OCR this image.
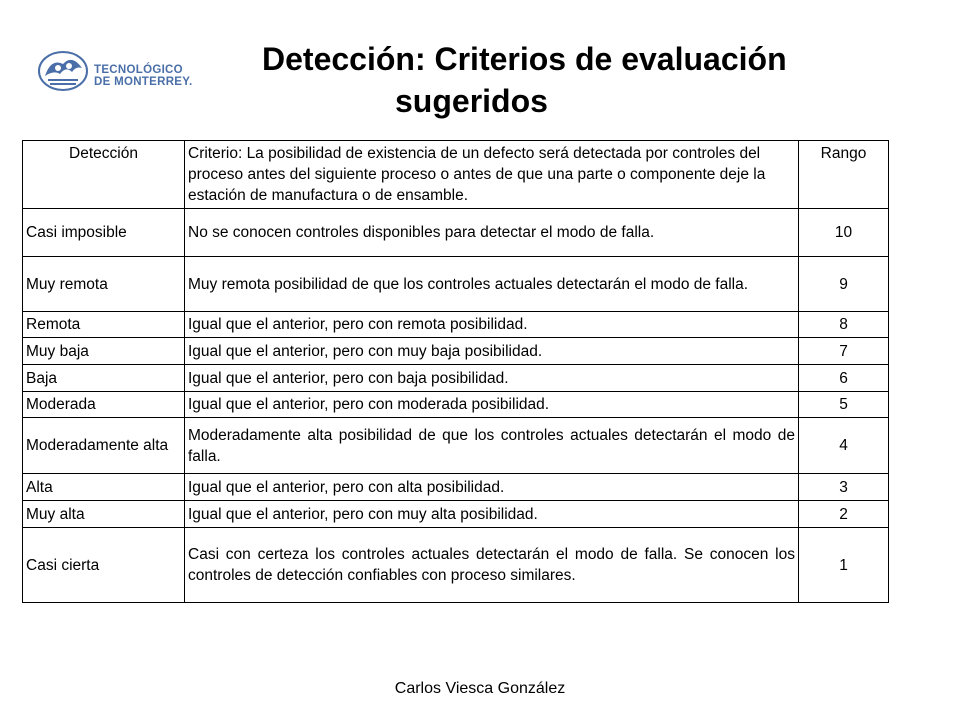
TECNOLÓGICO
DE MONTERREY.
Detección: Criterios de evaluación
sugeridos
Detección	Criterio: La posibilidad de existencia de un defecto será detectada por controles del proceso antes del siguiente proceso o antes de que una parte o componente deje la estación de manufactura o de ensamble.	Rango
Casi imposible	No se conocen controles disponibles para detectar el modo de falla.	10
Muy remota	Muy remota posibilidad de que los controles actuales detectarán el modo de falla.	9
Remota	Igual que el anterior, pero con remota posibilidad.	8
Muy baja	Igual que el anterior, pero con muy baja posibilidad.	7
Baja	Igual que el anterior, pero con baja posibilidad.	6
Moderada	Igual que el anterior, pero con moderada posibilidad.	5
Moderadamente alta	Moderadamente alta posibilidad de que los controles actuales detectarán el modo de falla.	4
Alta	Igual que el anterior, pero con alta posibilidad.	3
Muy alta	Igual que el anterior, pero con muy alta posibilidad.	2
Casi cierta	Casi con certeza los controles actuales detectarán el modo de falla. Se conocen los controles de detección confiables con proceso similares.	1
Carlos Viesca González
